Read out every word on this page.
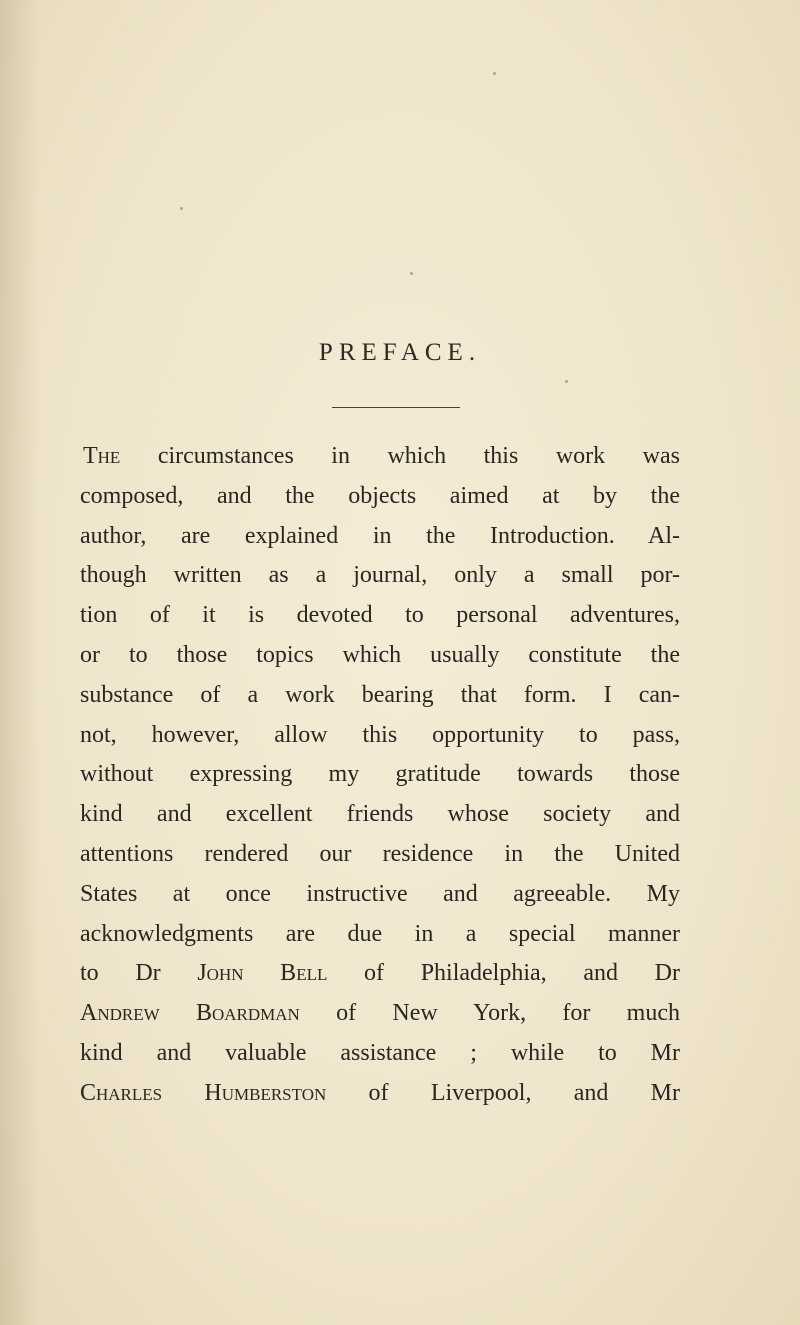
PREFACE.
The circumstances in which this work was
composed, and the objects aimed at by the
author, are explained in the Introduction. Al-
though written as a journal, only a small por-
tion of it is devoted to personal adventures,
or to those topics which usually constitute the
substance of a work bearing that form. I can-
not, however, allow this opportunity to pass,
without expressing my gratitude towards those
kind and excellent friends whose society and
attentions rendered our residence in the United
States at once instructive and agreeable. My
acknowledgments are due in a special manner
to Dr John Bell of Philadelphia, and Dr
Andrew Boardman of New York, for much
kind and valuable assistance ; while to Mr
Charles Humberston of Liverpool, and Mr
